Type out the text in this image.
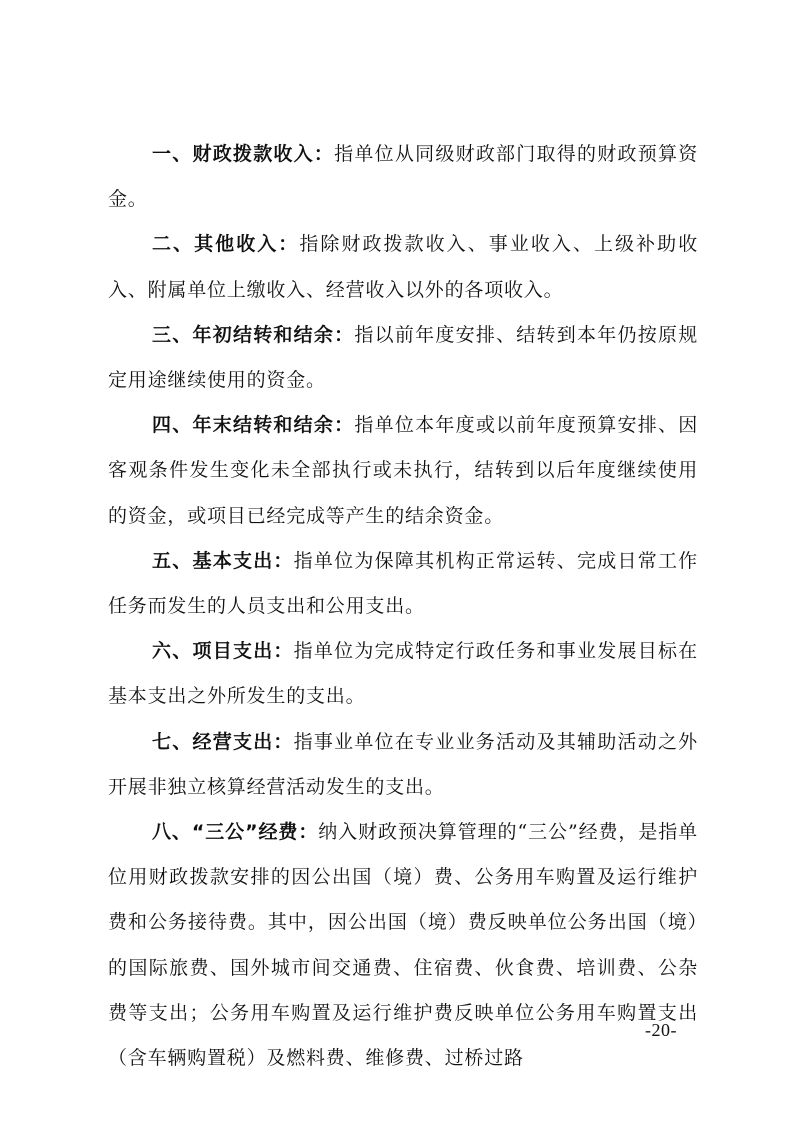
一、财政拨款收入：指单位从同级财政部门取得的财政预算资金。

二、其他收入：指除财政拨款收入、事业收入、上级补助收入、附属单位上缴收入、经营收入以外的各项收入。

三、年初结转和结余：指以前年度安排、结转到本年仍按原规定用途继续使用的资金。

四、年末结转和结余：指单位本年度或以前年度预算安排、因客观条件发生变化未全部执行或未执行，结转到以后年度继续使用的资金，或项目已经完成等产生的结余资金。

五、基本支出：指单位为保障其机构正常运转、完成日常工作任务而发生的人员支出和公用支出。

六、项目支出：指单位为完成特定行政任务和事业发展目标在基本支出之外所发生的支出。

七、经营支出：指事业单位在专业业务活动及其辅助活动之外开展非独立核算经营活动发生的支出。

八、“三公”经费：纳入财政预决算管理的“三公”经费，是指单位用财政拨款安排的因公出国（境）费、公务用车购置及运行维护费和公务接待费。其中，因公出国（境）费反映单位公务出国（境）的国际旅费、国外城市间交通费、住宿费、伙食费、培训费、公杂费等支出；公务用车购置及运行维护费反映单位公务用车购置支出（含车辆购置税）及燃料费、维修费、过桥过路

-20-
